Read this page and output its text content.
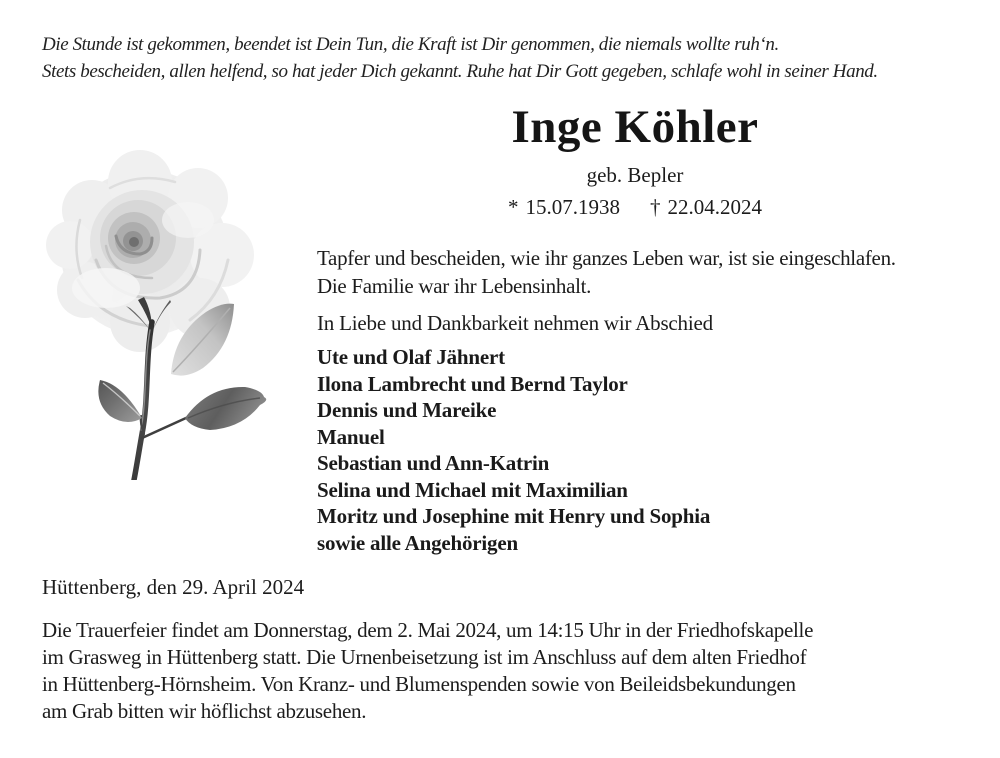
Die Stunde ist gekommen, beendet ist Dein Tun, die Kraft ist Dir genommen, die niemals wollte ruh‘n.
Stets bescheiden, allen helfend, so hat jeder Dich gekannt. Ruhe hat Dir Gott gegeben, schlafe wohl in seiner Hand.
Inge Köhler
geb. Bepler
* 15.07.1938 † 22.04.2024
Tapfer und bescheiden, wie ihr ganzes Leben war, ist sie eingeschlafen.
Die Familie war ihr Lebensinhalt.
In Liebe und Dankbarkeit nehmen wir Abschied
Ute und Olaf Jähnert
Ilona Lambrecht und Bernd Taylor
Dennis und Mareike
Manuel
Sebastian und Ann-Katrin
Selina und Michael mit Maximilian
Moritz und Josephine mit Henry und Sophia
sowie alle Angehörigen
Hüttenberg, den 29. April 2024
Die Trauerfeier findet am Donnerstag, dem 2. Mai 2024, um 14:15 Uhr in der Friedhofskapelle
im Grasweg in Hüttenberg statt. Die Urnenbeisetzung ist im Anschluss auf dem alten Friedhof
in Hüttenberg-Hörnsheim. Von Kranz- und Blumenspenden sowie von Beileidsbekundungen
am Grab bitten wir höflichst abzusehen.
